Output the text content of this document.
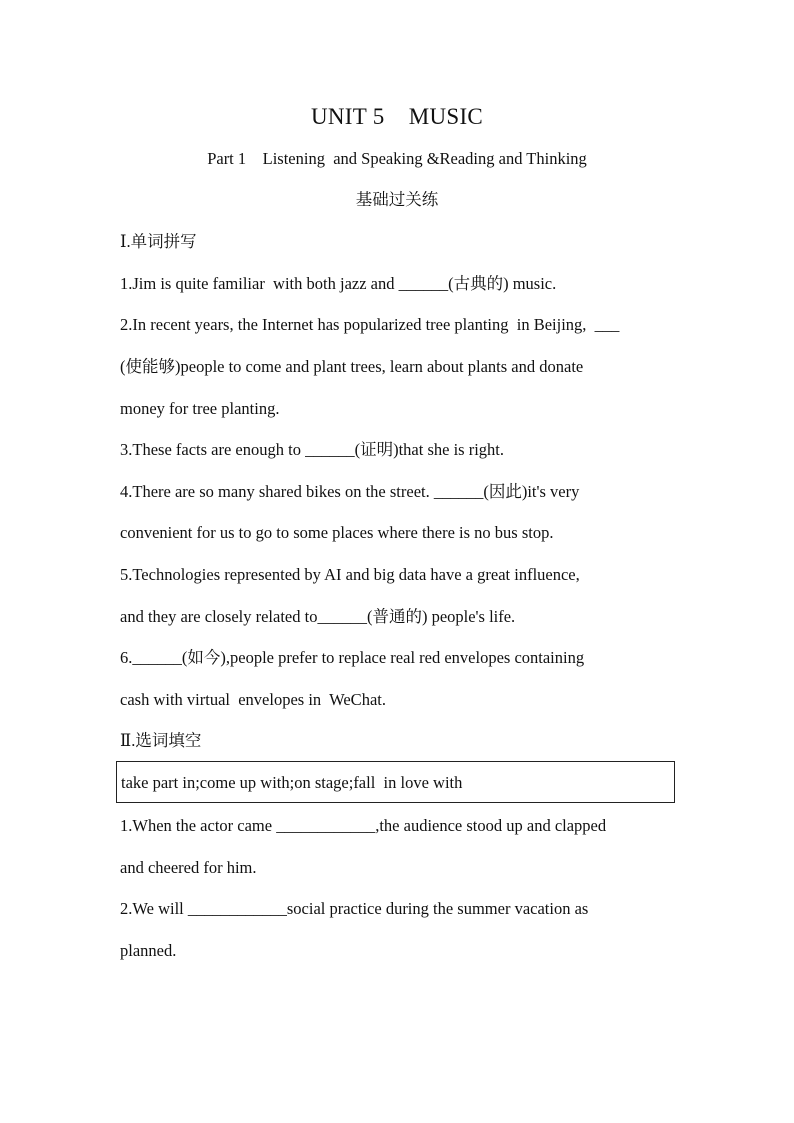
UNIT 5    MUSIC
Part 1    Listening  and Speaking &Reading and Thinking
基础过关练
Ⅰ.单词拼写
1.Jim is quite familiar  with both jazz and ______(古典的) music.
2.In recent years, the Internet has popularized tree planting  in Beijing,  ___
(使能够)people to come and plant trees, learn about plants and donate
money for tree planting.
3.These facts are enough to ______(证明)that she is right.
4.There are so many shared bikes on the street. ______(因此)it's very
convenient for us to go to some places where there is no bus stop.
5.Technologies represented by AI and big data have a great influence,
and they are closely related to______(普通的) people's life.
6.______(如今),people prefer to replace real red envelopes containing
cash with virtual  envelopes in  WeChat.
Ⅱ.选词填空
take part in;come up with;on stage;fall  in love with
1.When the actor came ____________,the audience stood up and clapped
and cheered for him.
2.We will ____________social practice during the summer vacation as
planned.
